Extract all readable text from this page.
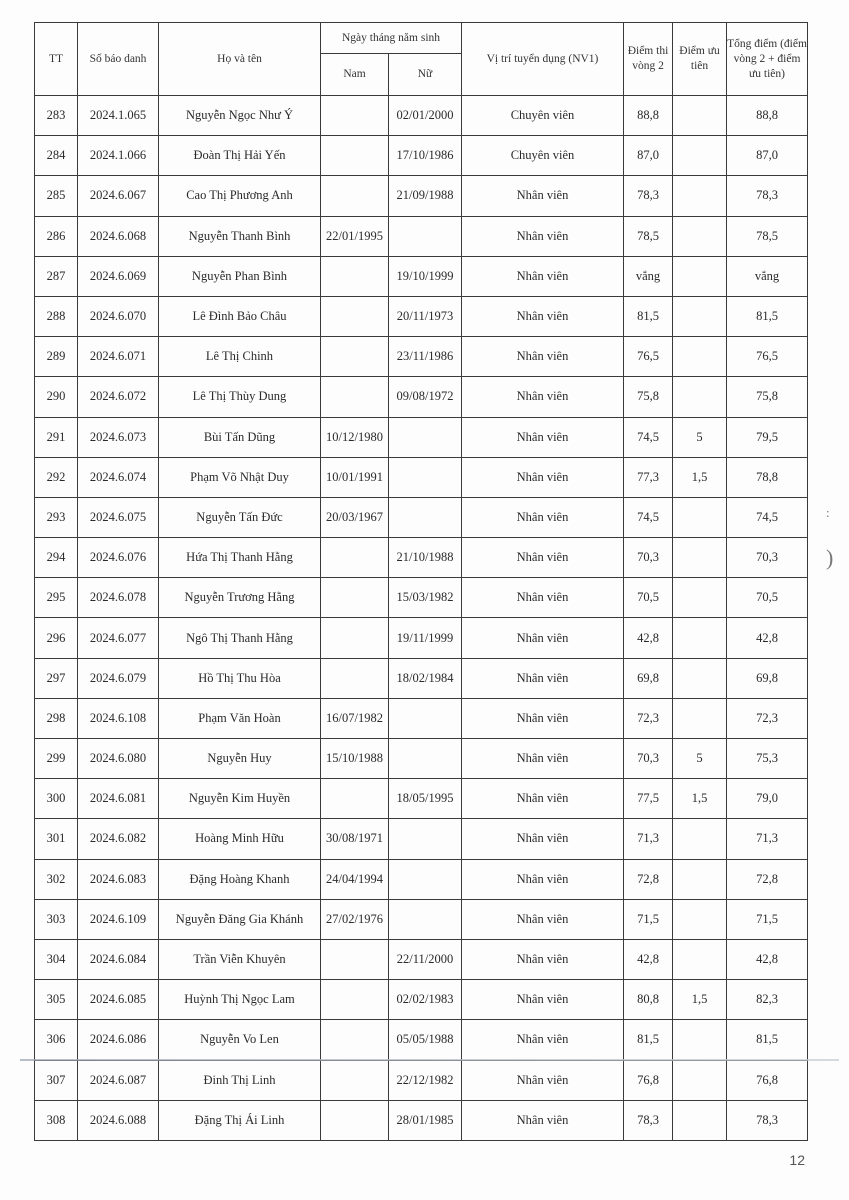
TT	Số báo danh	Họ và tên	Ngày tháng năm sinh		Vị trí tuyển dụng (NV1)	Điểm thi vòng 2	Điểm ưu tiên	Tổng điểm (điểm vòng 2 + điểm ưu tiên)
			Nam	Nữ				
283	2024.1.065	Nguyễn Ngọc Như Ý		02/01/2000	Chuyên viên	88,8		88,8
284	2024.1.066	Đoàn Thị Hải Yến		17/10/1986	Chuyên viên	87,0		87,0
285	2024.6.067	Cao Thị Phương Anh		21/09/1988	Nhân viên	78,3		78,3
286	2024.6.068	Nguyễn Thanh Bình	22/01/1995		Nhân viên	78,5		78,5
287	2024.6.069	Nguyễn Phan Bình		19/10/1999	Nhân viên	vắng		vắng
288	2024.6.070	Lê Đình Bảo Châu		20/11/1973	Nhân viên	81,5		81,5
289	2024.6.071	Lê Thị Chinh		23/11/1986	Nhân viên	76,5		76,5
290	2024.6.072	Lê Thị Thùy Dung		09/08/1972	Nhân viên	75,8		75,8
291	2024.6.073	Bùi Tấn Dũng	10/12/1980		Nhân viên	74,5	5	79,5
292	2024.6.074	Phạm Võ Nhật Duy	10/01/1991		Nhân viên	77,3	1,5	78,8
293	2024.6.075	Nguyễn Tấn Đức	20/03/1967		Nhân viên	74,5		74,5
294	2024.6.076	Hứa Thị Thanh Hằng		21/10/1988	Nhân viên	70,3		70,3
295	2024.6.078	Nguyễn Trương Hằng		15/03/1982	Nhân viên	70,5		70,5
296	2024.6.077	Ngô Thị Thanh Hằng		19/11/1999	Nhân viên	42,8		42,8
297	2024.6.079	Hồ Thị Thu Hòa		18/02/1984	Nhân viên	69,8		69,8
298	2024.6.108	Phạm Văn Hoàn	16/07/1982		Nhân viên	72,3		72,3
299	2024.6.080	Nguyễn Huy	15/10/1988		Nhân viên	70,3	5	75,3
300	2024.6.081	Nguyễn Kim Huyền		18/05/1995	Nhân viên	77,5	1,5	79,0
301	2024.6.082	Hoàng Minh Hữu	30/08/1971		Nhân viên	71,3		71,3
302	2024.6.083	Đặng Hoàng Khanh	24/04/1994		Nhân viên	72,8		72,8
303	2024.6.109	Nguyễn Đăng Gia Khánh	27/02/1976		Nhân viên	71,5		71,5
304	2024.6.084	Trần Viễn Khuyên		22/11/2000	Nhân viên	42,8		42,8
305	2024.6.085	Huỳnh Thị Ngọc Lam		02/02/1983	Nhân viên	80,8	1,5	82,3
306	2024.6.086	Nguyễn Vo Len		05/05/1988	Nhân viên	81,5		81,5
307	2024.6.087	Đinh Thị Linh		22/12/1982	Nhân viên	76,8		76,8
308	2024.6.088	Đặng Thị Ái Linh		28/01/1985	Nhân viên	78,3		78,3
:
)
12
